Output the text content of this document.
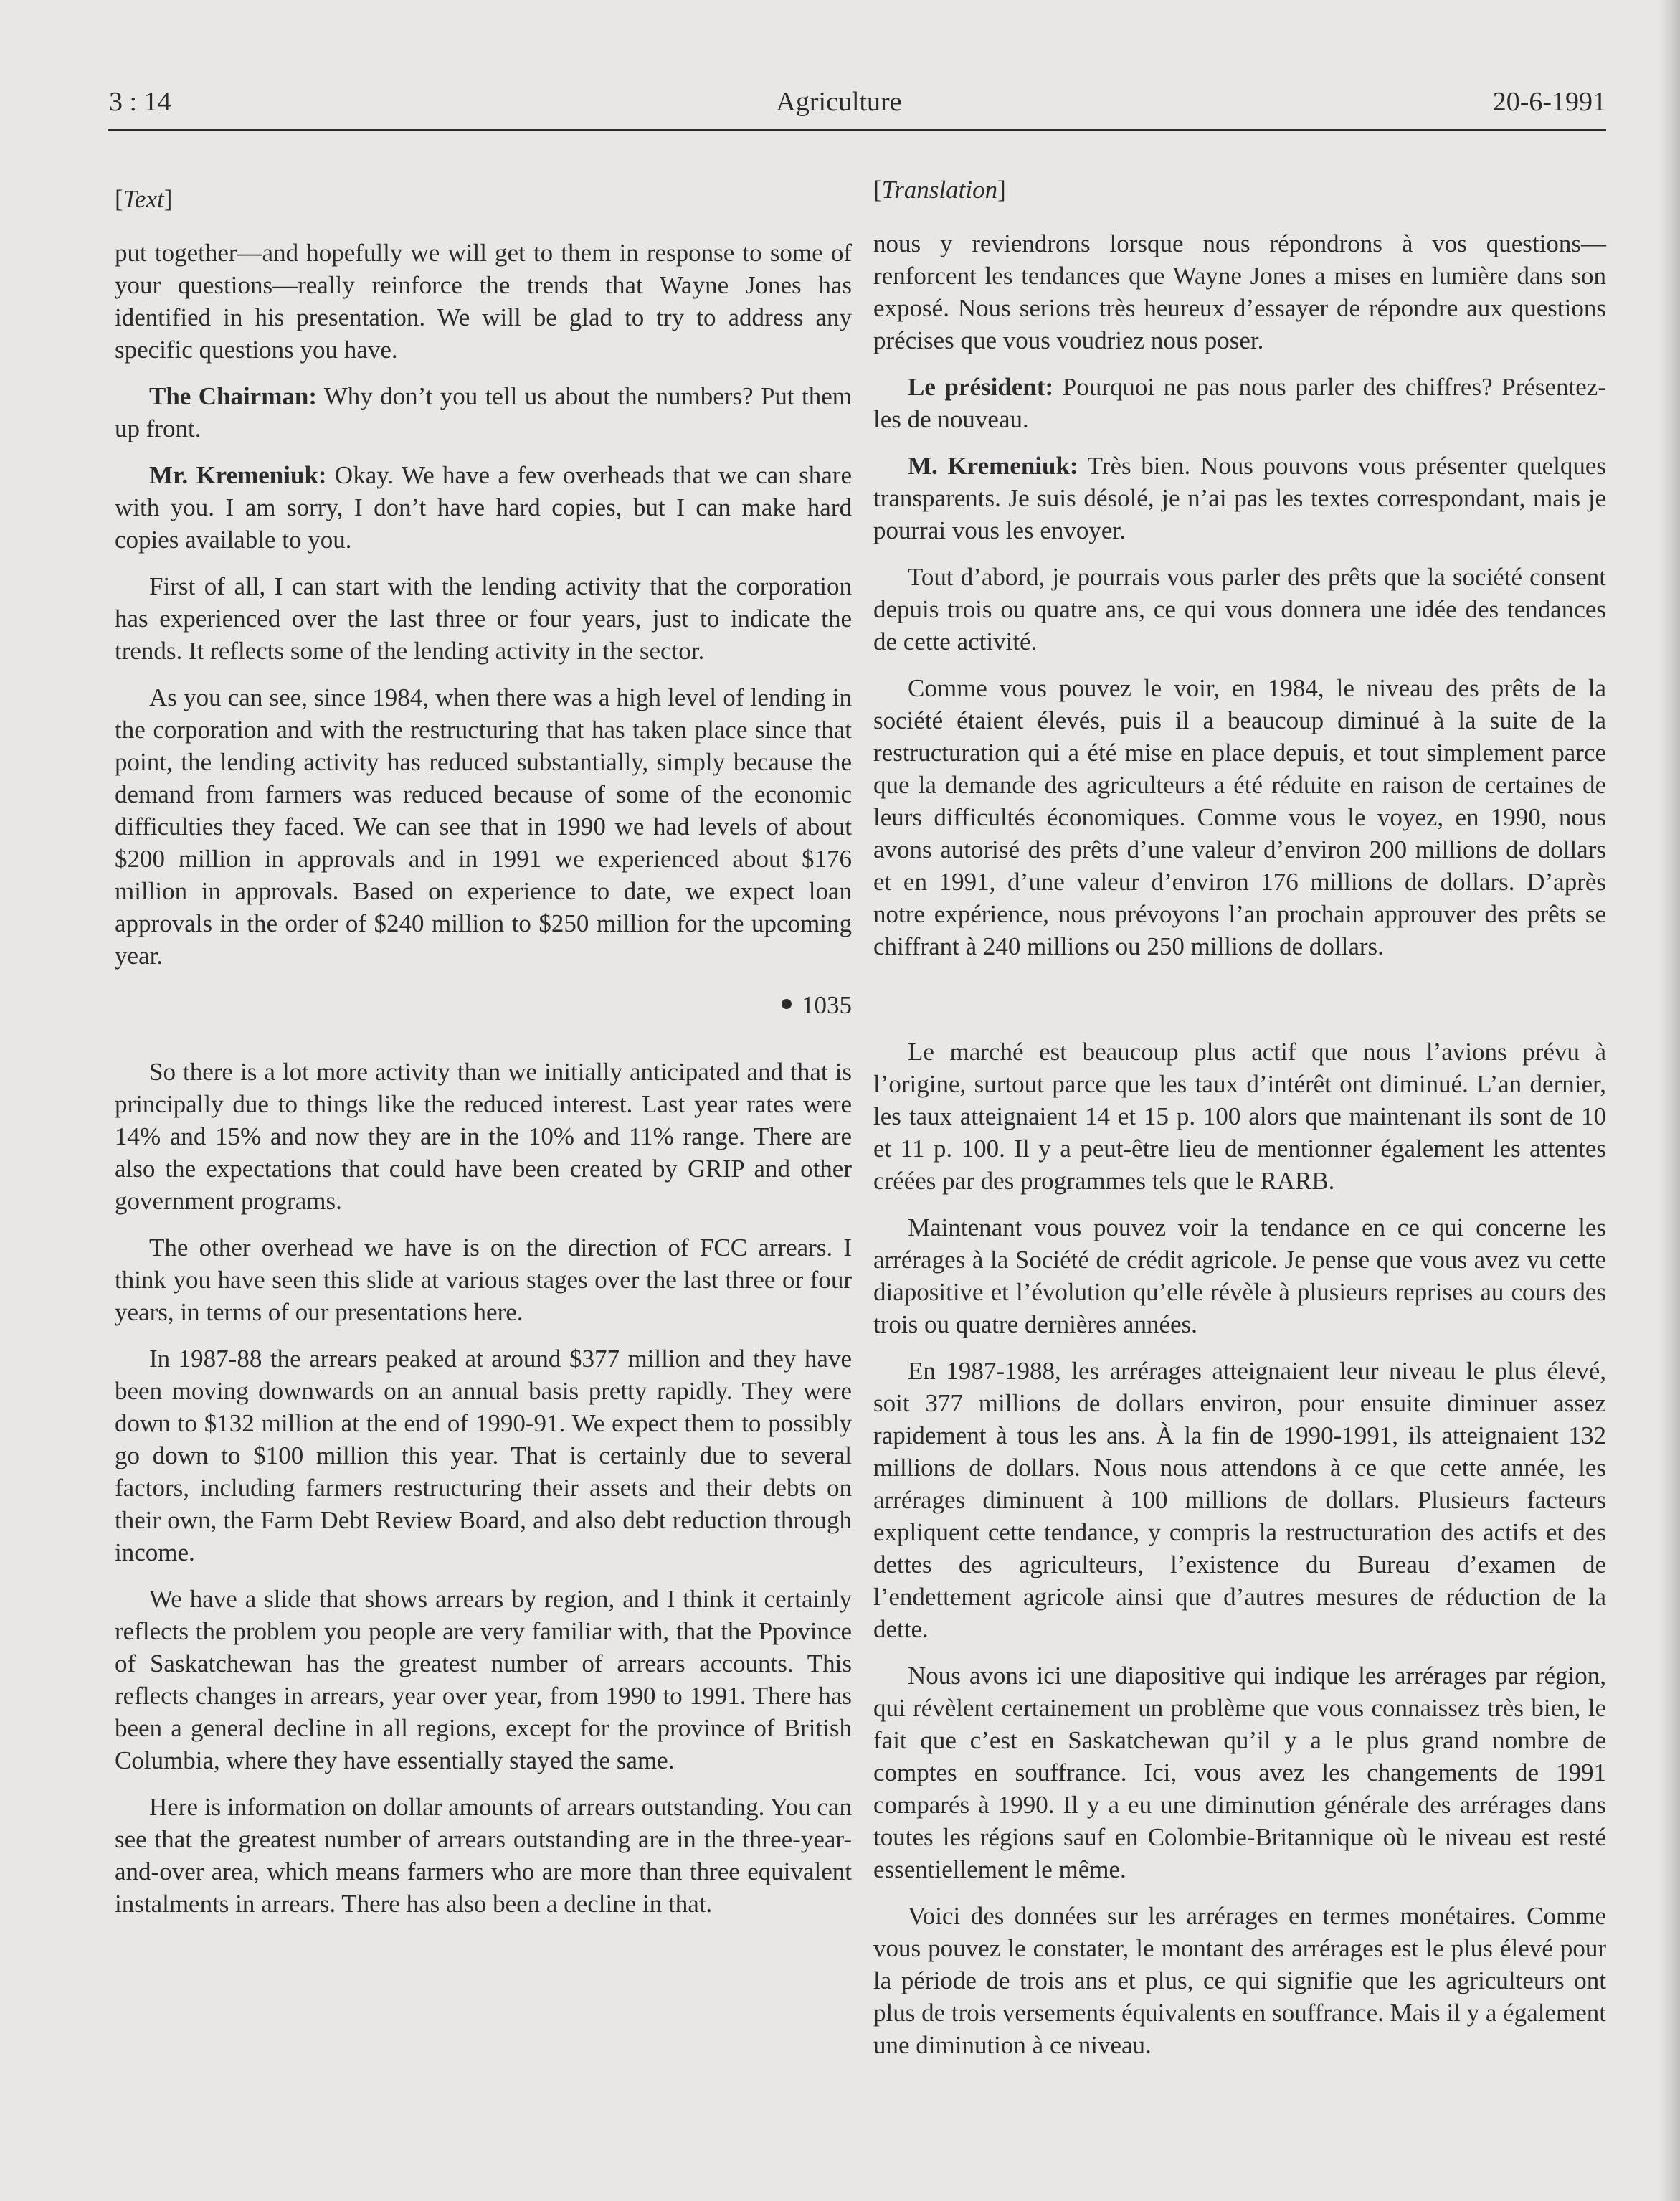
3 : 14	Agriculture	20-6-1991
[Text]

put together—and hopefully we will get to them in response to some of your questions—really reinforce the trends that Wayne Jones has identified in his presentation. We will be glad to try to address any specific questions you have.

The Chairman: Why don’t you tell us about the numbers? Put them up front.

Mr. Kremeniuk: Okay. We have a few overheads that we can share with you. I am sorry, I don’t have hard copies, but I can make hard copies available to you.

First of all, I can start with the lending activity that the corporation has experienced over the last three or four years, just to indicate the trends. It reflects some of the lending activity in the sector.

As you can see, since 1984, when there was a high level of lending in the corporation and with the restructuring that has taken place since that point, the lending activity has reduced substantially, simply because the demand from farmers was reduced because of some of the economic difficulties they faced. We can see that in 1990 we had levels of about $200 million in approvals and in 1991 we experienced about $176 million in approvals. Based on experience to date, we expect loan approvals in the order of $240 million to $250 million for the upcoming year.

1035

So there is a lot more activity than we initially anticipated and that is principally due to things like the reduced interest. Last year rates were 14% and 15% and now they are in the 10% and 11% range. There are also the expectations that could have been created by GRIP and other government programs.

The other overhead we have is on the direction of FCC arrears. I think you have seen this slide at various stages over the last three or four years, in terms of our presentations here.

In 1987-88 the arrears peaked at around $377 million and they have been moving downwards on an annual basis pretty rapidly. They were down to $132 million at the end of 1990-91. We expect them to possibly go down to $100 million this year. That is certainly due to several factors, including farmers restructuring their assets and their debts on their own, the Farm Debt Review Board, and also debt reduction through income.

We have a slide that shows arrears by region, and I think it certainly reflects the problem you people are very familiar with, that the Ppovince of Saskatchewan has the greatest number of arrears accounts. This reflects changes in arrears, year over year, from 1990 to 1991. There has been a general decline in all regions, except for the province of British Columbia, where they have essentially stayed the same.

Here is information on dollar amounts of arrears outstanding. You can see that the greatest number of arrears outstanding are in the three-year-and-over area, which means farmers who are more than three equivalent instalments in arrears. There has also been a decline in that.

[Translation]

nous y reviendrons lorsque nous répondrons à vos questions— renforcent les tendances que Wayne Jones a mises en lumière dans son exposé. Nous serions très heureux d’essayer de répondre aux questions précises que vous voudriez nous poser.

Le président: Pourquoi ne pas nous parler des chiffres? Présentez-les de nouveau.

M. Kremeniuk: Très bien. Nous pouvons vous présenter quelques transparents. Je suis désolé, je n’ai pas les textes correspondant, mais je pourrai vous les envoyer.

Tout d’abord, je pourrais vous parler des prêts que la société consent depuis trois ou quatre ans, ce qui vous donnera une idée des tendances de cette activité.

Comme vous pouvez le voir, en 1984, le niveau des prêts de la société étaient élevés, puis il a beaucoup diminué à la suite de la restructuration qui a été mise en place depuis, et tout simplement parce que la demande des agriculteurs a été réduite en raison de certaines de leurs difficultés économiques. Comme vous le voyez, en 1990, nous avons autorisé des prêts d’une valeur d’environ 200 millions de dollars et en 1991, d’une valeur d’environ 176 millions de dollars. D’après notre expérience, nous prévoyons l’an prochain approuver des prêts se chiffrant à 240 millions ou 250 millions de dollars.

Le marché est beaucoup plus actif que nous l’avions prévu à l’origine, surtout parce que les taux d’intérêt ont diminué. L’an dernier, les taux atteignaient 14 et 15 p. 100 alors que maintenant ils sont de 10 et 11 p. 100. Il y a peut-être lieu de mentionner également les attentes créées par des programmes tels que le RARB.

Maintenant vous pouvez voir la tendance en ce qui concerne les arrérages à la Société de crédit agricole. Je pense que vous avez vu cette diapositive et l’évolution qu’elle révèle à plusieurs reprises au cours des trois ou quatre dernières années.

En 1987-1988, les arrérages atteignaient leur niveau le plus élevé, soit 377 millions de dollars environ, pour ensuite diminuer assez rapidement à tous les ans. À la fin de 1990-1991, ils atteignaient 132 millions de dollars. Nous nous attendons à ce que cette année, les arrérages diminuent à 100 millions de dollars. Plusieurs facteurs expliquent cette tendance, y compris la restructuration des actifs et des dettes des agriculteurs, l’existence du Bureau d’examen de l’endettement agricole ainsi que d’autres mesures de réduction de la dette.

Nous avons ici une diapositive qui indique les arrérages par région, qui révèlent certainement un problème que vous connaissez très bien, le fait que c’est en Saskatchewan qu’il y a le plus grand nombre de comptes en souffrance. Ici, vous avez les changements de 1991 comparés à 1990. Il y a eu une diminution générale des arrérages dans toutes les régions sauf en Colombie-Britannique où le niveau est resté essentiellement le même.

Voici des données sur les arrérages en termes monétaires. Comme vous pouvez le constater, le montant des arrérages est le plus élevé pour la période de trois ans et plus, ce qui signifie que les agriculteurs ont plus de trois versements équivalents en souffrance. Mais il y a également une diminution à ce niveau.
